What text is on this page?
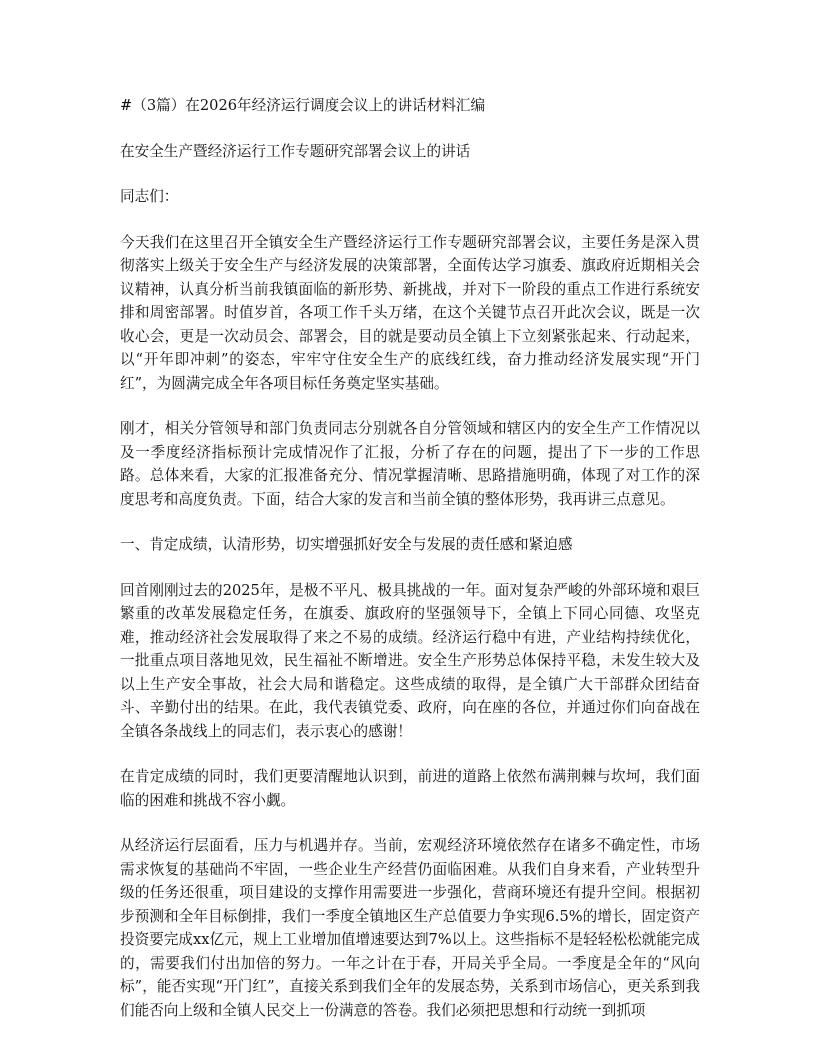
#（3篇）在2026年经济运行调度会议上的讲话材料汇编

在安全生产暨经济运行工作专题研究部署会议上的讲话

同志们：

今天我们在这里召开全镇安全生产暨经济运行工作专题研究部署会议，主要任务是深入贯彻落实上级关于安全生产与经济发展的决策部署，全面传达学习旗委、旗政府近期相关会议精神，认真分析当前我镇面临的新形势、新挑战，并对下一阶段的重点工作进行系统安排和周密部署。时值岁首，各项工作千头万绪，在这个关键节点召开此次会议，既是一次收心会，更是一次动员会、部署会，目的就是要动员全镇上下立刻紧张起来、行动起来，以“开年即冲刺”的姿态，牢牢守住安全生产的底线红线，奋力推动经济发展实现“开门红”，为圆满完成全年各项目标任务奠定坚实基础。

刚才，相关分管领导和部门负责同志分别就各自分管领域和辖区内的安全生产工作情况以及一季度经济指标预计完成情况作了汇报，分析了存在的问题，提出了下一步的工作思路。总体来看，大家的汇报准备充分、情况掌握清晰、思路措施明确，体现了对工作的深度思考和高度负责。下面，结合大家的发言和当前全镇的整体形势，我再讲三点意见。

一、肯定成绩，认清形势，切实增强抓好安全与发展的责任感和紧迫感

回首刚刚过去的2025年，是极不平凡、极具挑战的一年。面对复杂严峻的外部环境和艰巨繁重的改革发展稳定任务，在旗委、旗政府的坚强领导下，全镇上下同心同德、攻坚克难，推动经济社会发展取得了来之不易的成绩。经济运行稳中有进，产业结构持续优化，一批重点项目落地见效，民生福祉不断增进。安全生产形势总体保持平稳，未发生较大及以上生产安全事故，社会大局和谐稳定。这些成绩的取得，是全镇广大干部群众团结奋斗、辛勤付出的结果。在此，我代表镇党委、政府，向在座的各位，并通过你们向奋战在全镇各条战线上的同志们，表示衷心的感谢！

在肯定成绩的同时，我们更要清醒地认识到，前进的道路上依然布满荆棘与坎坷，我们面临的困难和挑战不容小觑。

从经济运行层面看，压力与机遇并存。当前，宏观经济环境依然存在诸多不确定性，市场需求恢复的基础尚不牢固，一些企业生产经营仍面临困难。从我们自身来看，产业转型升级的任务还很重，项目建设的支撑作用需要进一步强化，营商环境还有提升空间。根据初步预测和全年目标倒排，我们一季度全镇地区生产总值要力争实现6.5%的增长，固定资产投资要完成xx亿元，规上工业增加值增速要达到7%以上。这些指标不是轻轻松松就能完成的，需要我们付出加倍的努力。一年之计在于春，开局关乎全局。一季度是全年的“风向标”，能否实现“开门红”，直接关系到我们全年的发展态势，关系到市场信心，更关系到我们能否向上级和全镇人民交上一份满意的答卷。我们必须把思想和行动统一到抓项
